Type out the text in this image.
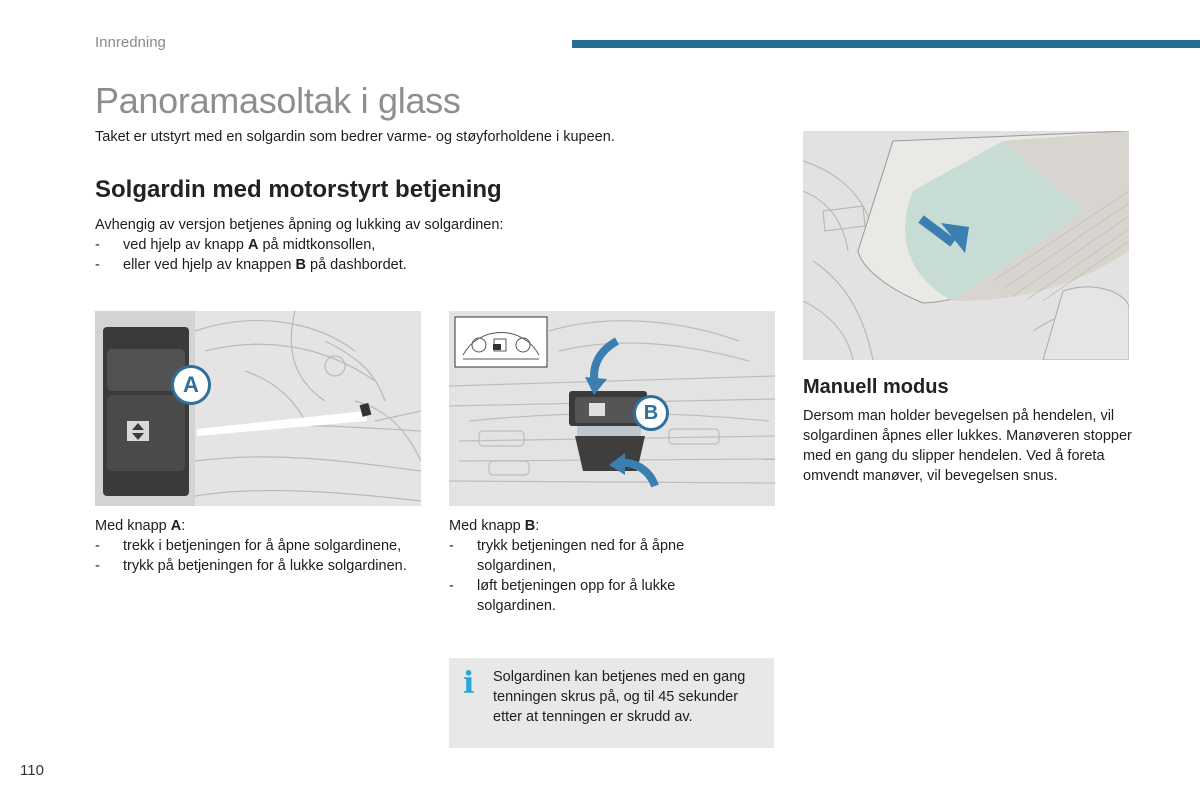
Innredning
Panoramasoltak i glass
Taket er utstyrt med en solgardin som bedrer varme- og støyforholdene i kupeen.
Solgardin med motorstyrt betjening
Avhengig av versjon betjenes åpning og lukking av solgardinen:
- ved hjelp av knapp A på midtkonsollen,
- eller ved hjelp av knappen B på dashbordet.
A
B
Med knapp A:
- trekk i betjeningen for å åpne solgardinene,
- trykk på betjeningen for å lukke solgardinen.
Med knapp B:
- trykk betjeningen ned for å åpne solgardinen,
- løft betjeningen opp for å lukke solgardinen.
i Solgardinen kan betjenes med en gang tenningen skrus på, og til 45 sekunder etter at tenningen er skrudd av.
Manuell modus
Dersom man holder bevegelsen på hendelen, vil solgardinen åpnes eller lukkes. Manøveren stopper med en gang du slipper hendelen. Ved å foreta omvendt manøver, vil bevegelsen snus.
110
